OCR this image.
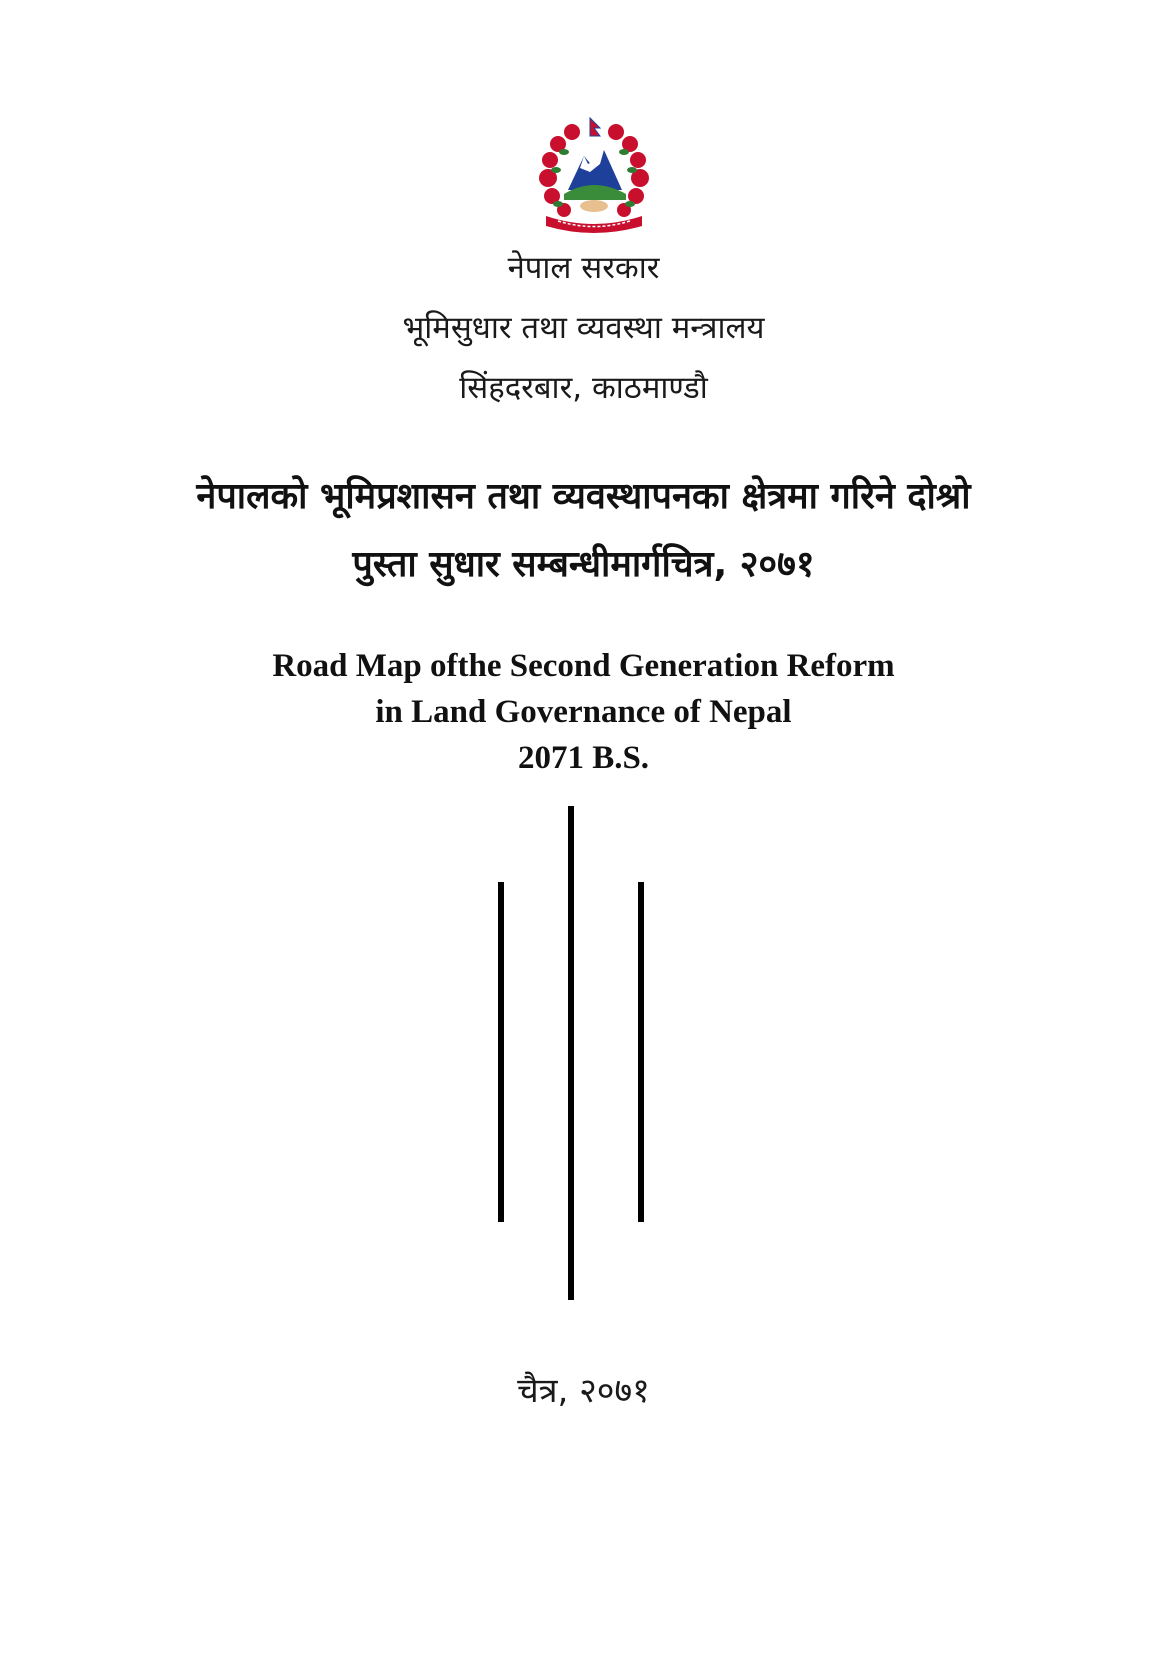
नेपाल सरकार
भूमिसुधार तथा व्यवस्था मन्त्रालय
सिंहदरबार, काठमाण्डौ
नेपालको भूमिप्रशासन तथा व्यवस्थापनका क्षेत्रमा गरिने दोश्रो
पुस्ता सुधार सम्बन्धीमार्गचित्र, २०७१
Road Map ofthe Second Generation Reform
in Land Governance of Nepal
2071 B.S.
चैत्र, २०७१
